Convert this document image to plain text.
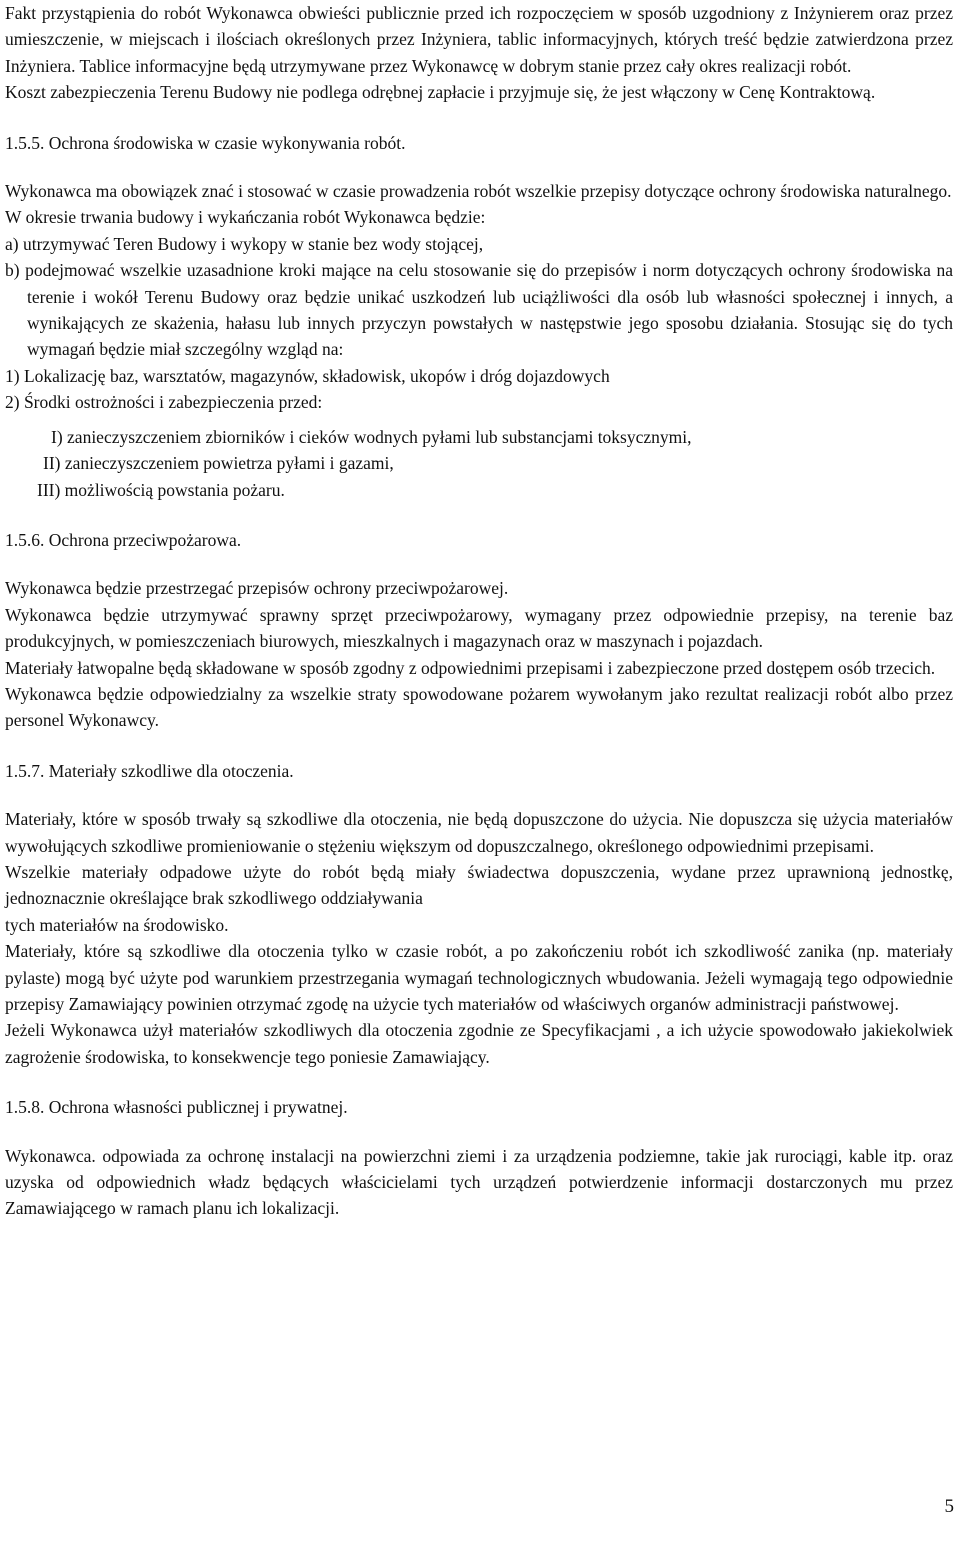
Fakt przystąpienia do robót Wykonawca obwieści publicznie przed ich rozpoczęciem w sposób uzgodniony z Inżynierem oraz przez umieszczenie, w miejscach i ilościach określonych przez Inżyniera, tablic informacyjnych, których treść będzie zatwierdzona przez Inżyniera. Tablice informacyjne będą utrzymywane przez Wykonawcę w dobrym stanie przez cały okres realizacji robót.

Koszt zabezpieczenia Terenu Budowy nie podlega odrębnej zapłacie i przyjmuje się, że jest włączony w Cenę Kontraktową.

1.5.5. Ochrona środowiska w czasie wykonywania robót.

Wykonawca ma obowiązek znać i stosować w czasie prowadzenia robót wszelkie przepisy dotyczące ochrony środowiska naturalnego.

W okresie trwania budowy i wykańczania robót Wykonawca będzie:

a) utrzymywać Teren Budowy i wykopy w stanie bez wody stojącej,

b) podejmować wszelkie uzasadnione kroki mające na celu stosowanie się do przepisów i norm dotyczących ochrony środowiska na terenie i wokół Terenu Budowy oraz będzie unikać uszkodzeń lub uciążliwości dla osób lub własności społecznej i innych, a wynikających ze skażenia, hałasu lub innych przyczyn powstałych w następstwie jego sposobu działania. Stosując się do tych wymagań będzie miał szczególny wzgląd na:

1) Lokalizację baz, warsztatów, magazynów, składowisk, ukopów i dróg dojazdowych

2) Środki ostrożności i zabezpieczenia przed:

I) zanieczyszczeniem zbiorników i cieków wodnych pyłami lub substancjami toksycznymi,
II) zanieczyszczeniem powietrza pyłami i gazami,
III) możliwością powstania pożaru.

1.5.6. Ochrona przeciwpożarowa.

Wykonawca będzie przestrzegać przepisów ochrony przeciwpożarowej.

Wykonawca będzie utrzymywać sprawny sprzęt przeciwpożarowy, wymagany przez odpowiednie przepisy, na terenie baz produkcyjnych, w pomieszczeniach biurowych, mieszkalnych i magazynach oraz w maszynach i pojazdach.

Materiały łatwopalne będą składowane w sposób zgodny z odpowiednimi przepisami i zabezpieczone przed dostępem osób trzecich.

Wykonawca będzie odpowiedzialny za wszelkie straty spowodowane pożarem wywołanym jako rezultat realizacji robót albo przez personel Wykonawcy.

1.5.7. Materiały szkodliwe dla otoczenia.

Materiały, które w sposób trwały są szkodliwe dla otoczenia, nie będą dopuszczone do użycia. Nie dopuszcza się użycia materiałów wywołujących szkodliwe promieniowanie o stężeniu większym od dopuszczalnego, określonego odpowiednimi przepisami.

Wszelkie materiały odpadowe użyte do robót będą miały świadectwa dopuszczenia, wydane przez uprawnioną jednostkę, jednoznacznie określające brak szkodliwego oddziaływania

tych materiałów na środowisko.

Materiały, które są szkodliwe dla otoczenia tylko w czasie robót, a po zakończeniu robót ich szkodliwość zanika (np. materiały pylaste) mogą być użyte pod warunkiem przestrzegania wymagań technologicznych wbudowania. Jeżeli wymagają tego odpowiednie przepisy Zamawiający powinien otrzymać zgodę na użycie tych materiałów od właściwych organów administracji państwowej.

Jeżeli Wykonawca użył materiałów szkodliwych dla otoczenia zgodnie ze Specyfikacjami , a ich użycie spowodowało jakiekolwiek zagrożenie środowiska, to konsekwencje tego poniesie Zamawiający.

1.5.8. Ochrona własności publicznej i prywatnej.

Wykonawca. odpowiada za ochronę instalacji na powierzchni ziemi i za urządzenia podziemne, takie jak rurociągi, kable itp. oraz uzyska od odpowiednich władz będących właścicielami tych urządzeń potwierdzenie informacji dostarczonych mu przez Zamawiającego w ramach planu ich lokalizacji.

5
